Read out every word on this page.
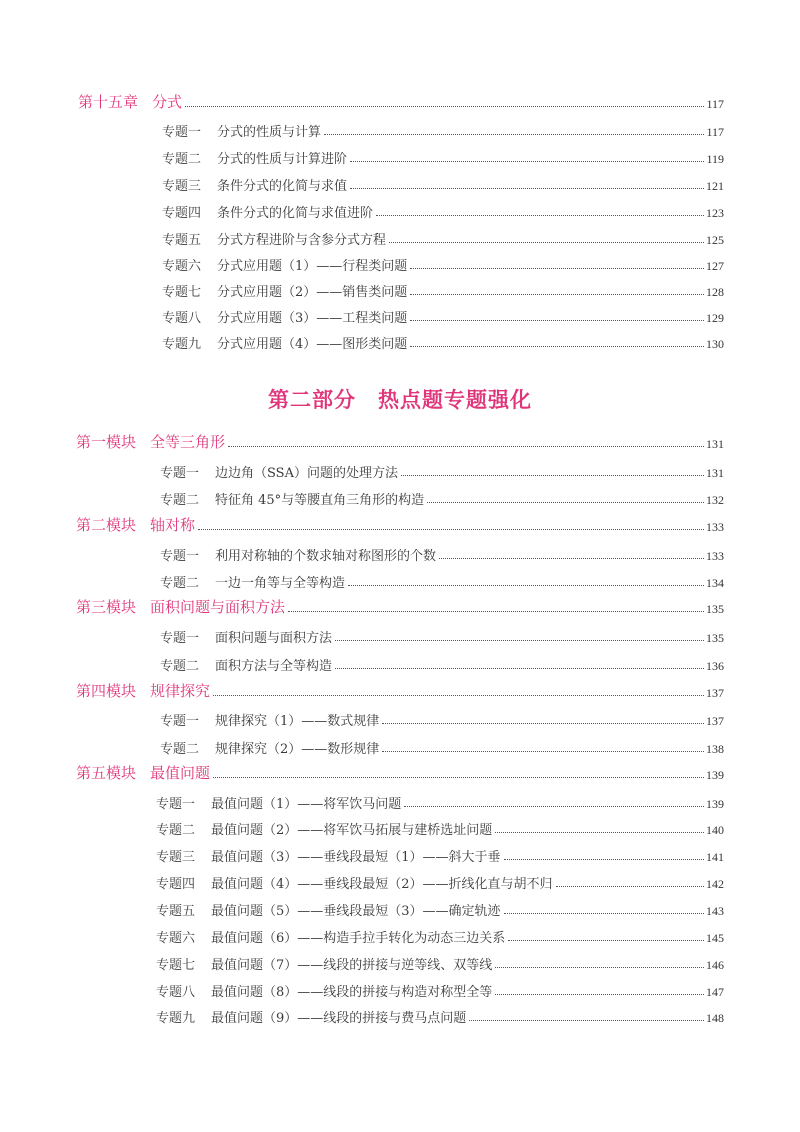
第十五章 分式	117
专题一 分式的性质与计算	117
专题二 分式的性质与计算进阶	119
专题三 条件分式的化简与求值	121
专题四 条件分式的化简与求值进阶	123
专题五 分式方程进阶与含参分式方程	125
专题六 分式应用题（1）——行程类问题	127
专题七 分式应用题（2）——销售类问题	128
专题八 分式应用题（3）——工程类问题	129
专题九 分式应用题（4）——图形类问题	130
第二部分　热点题专题强化
第一模块 全等三角形	131
专题一 边边角（SSA）问题的处理方法	131
专题二 特征角 45°与等腰直角三角形的构造	132
第二模块 轴对称	133
专题一 利用对称轴的个数求轴对称图形的个数	133
专题二 一边一角等与全等构造	134
第三模块 面积问题与面积方法	135
专题一 面积问题与面积方法	135
专题二 面积方法与全等构造	136
第四模块 规律探究	137
专题一 规律探究（1）——数式规律	137
专题二 规律探究（2）——数形规律	138
第五模块 最值问题	139
专题一 最值问题（1）——将军饮马问题	139
专题二 最值问题（2）——将军饮马拓展与建桥选址问题	140
专题三 最值问题（3）——垂线段最短（1）——斜大于垂	141
专题四 最值问题（4）——垂线段最短（2）——折线化直与胡不归	142
专题五 最值问题（5）——垂线段最短（3）——确定轨迹	143
专题六 最值问题（6）——构造手拉手转化为动态三边关系	145
专题七 最值问题（7）——线段的拼接与逆等线、双等线	146
专题八 最值问题（8）——线段的拼接与构造对称型全等	147
专题九 最值问题（9）——线段的拼接与费马点问题	148
